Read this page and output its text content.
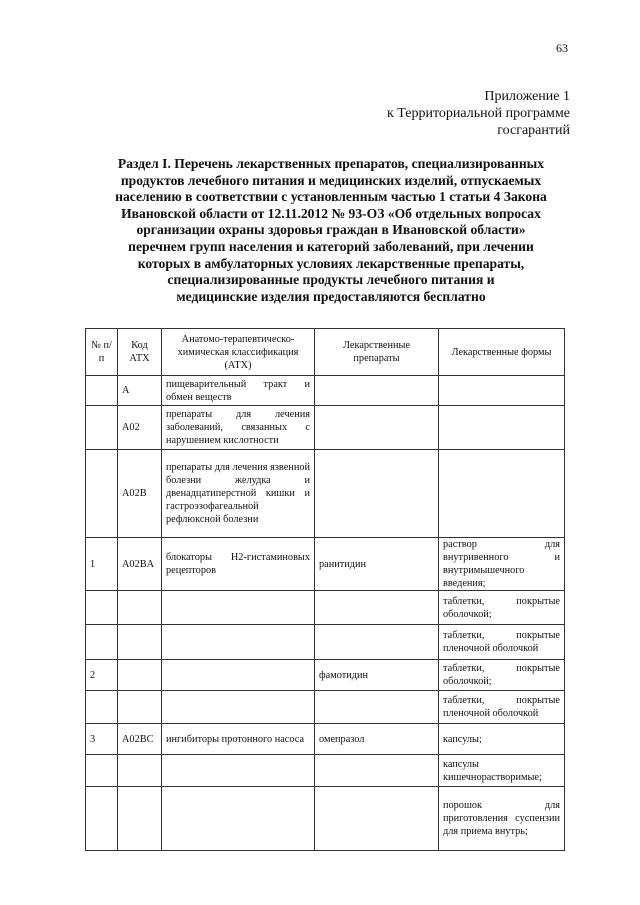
63
Приложение 1
к Территориальной программе
госгарантий
Раздел I. Перечень лекарственных препаратов, специализированных
продуктов лечебного питания и медицинских изделий, отпускаемых
населению в соответствии с установленным частью 1 статьи 4 Закона
Ивановской области от 12.11.2012 № 93-ОЗ «Об отдельных вопросах
организации охраны здоровья граждан в Ивановской области»
перечнем групп населения и категорий заболеваний, при лечении
которых в амбулаторных условиях лекарственные препараты,
специализированные продукты лечебного питания и
медицинские изделия предоставляются бесплатно
№ п/п	Код АТХ	Анатомо-терапевтическо-химическая классификация (АТХ)	Лекарственные препараты	Лекарственные формы
	A	пищеварительный тракт и обмен веществ		
	A02	препараты для лечения заболеваний, связанных с нарушением кислотности		
	A02B	препараты для лечения язвенной болезни желудка и двенадцатиперстной кишки и гастроэзофагеальной рефлюксной болезни		
1	A02BA	блокаторы H2-гистаминовых рецепторов	ранитидин	раствор для внутривенного и внутримышечного введения;
				таблетки, покрытые оболочкой;
				таблетки, покрытые пленочной оболочкой
2			фамотидин	таблетки, покрытые оболочкой;
				таблетки, покрытые пленочной оболочкой
3	A02BC	ингибиторы протонного насоса	омепразол	капсулы;
				капсулы кишечнорастворимые;
				порошок для приготовления суспензии для приема внутрь;
